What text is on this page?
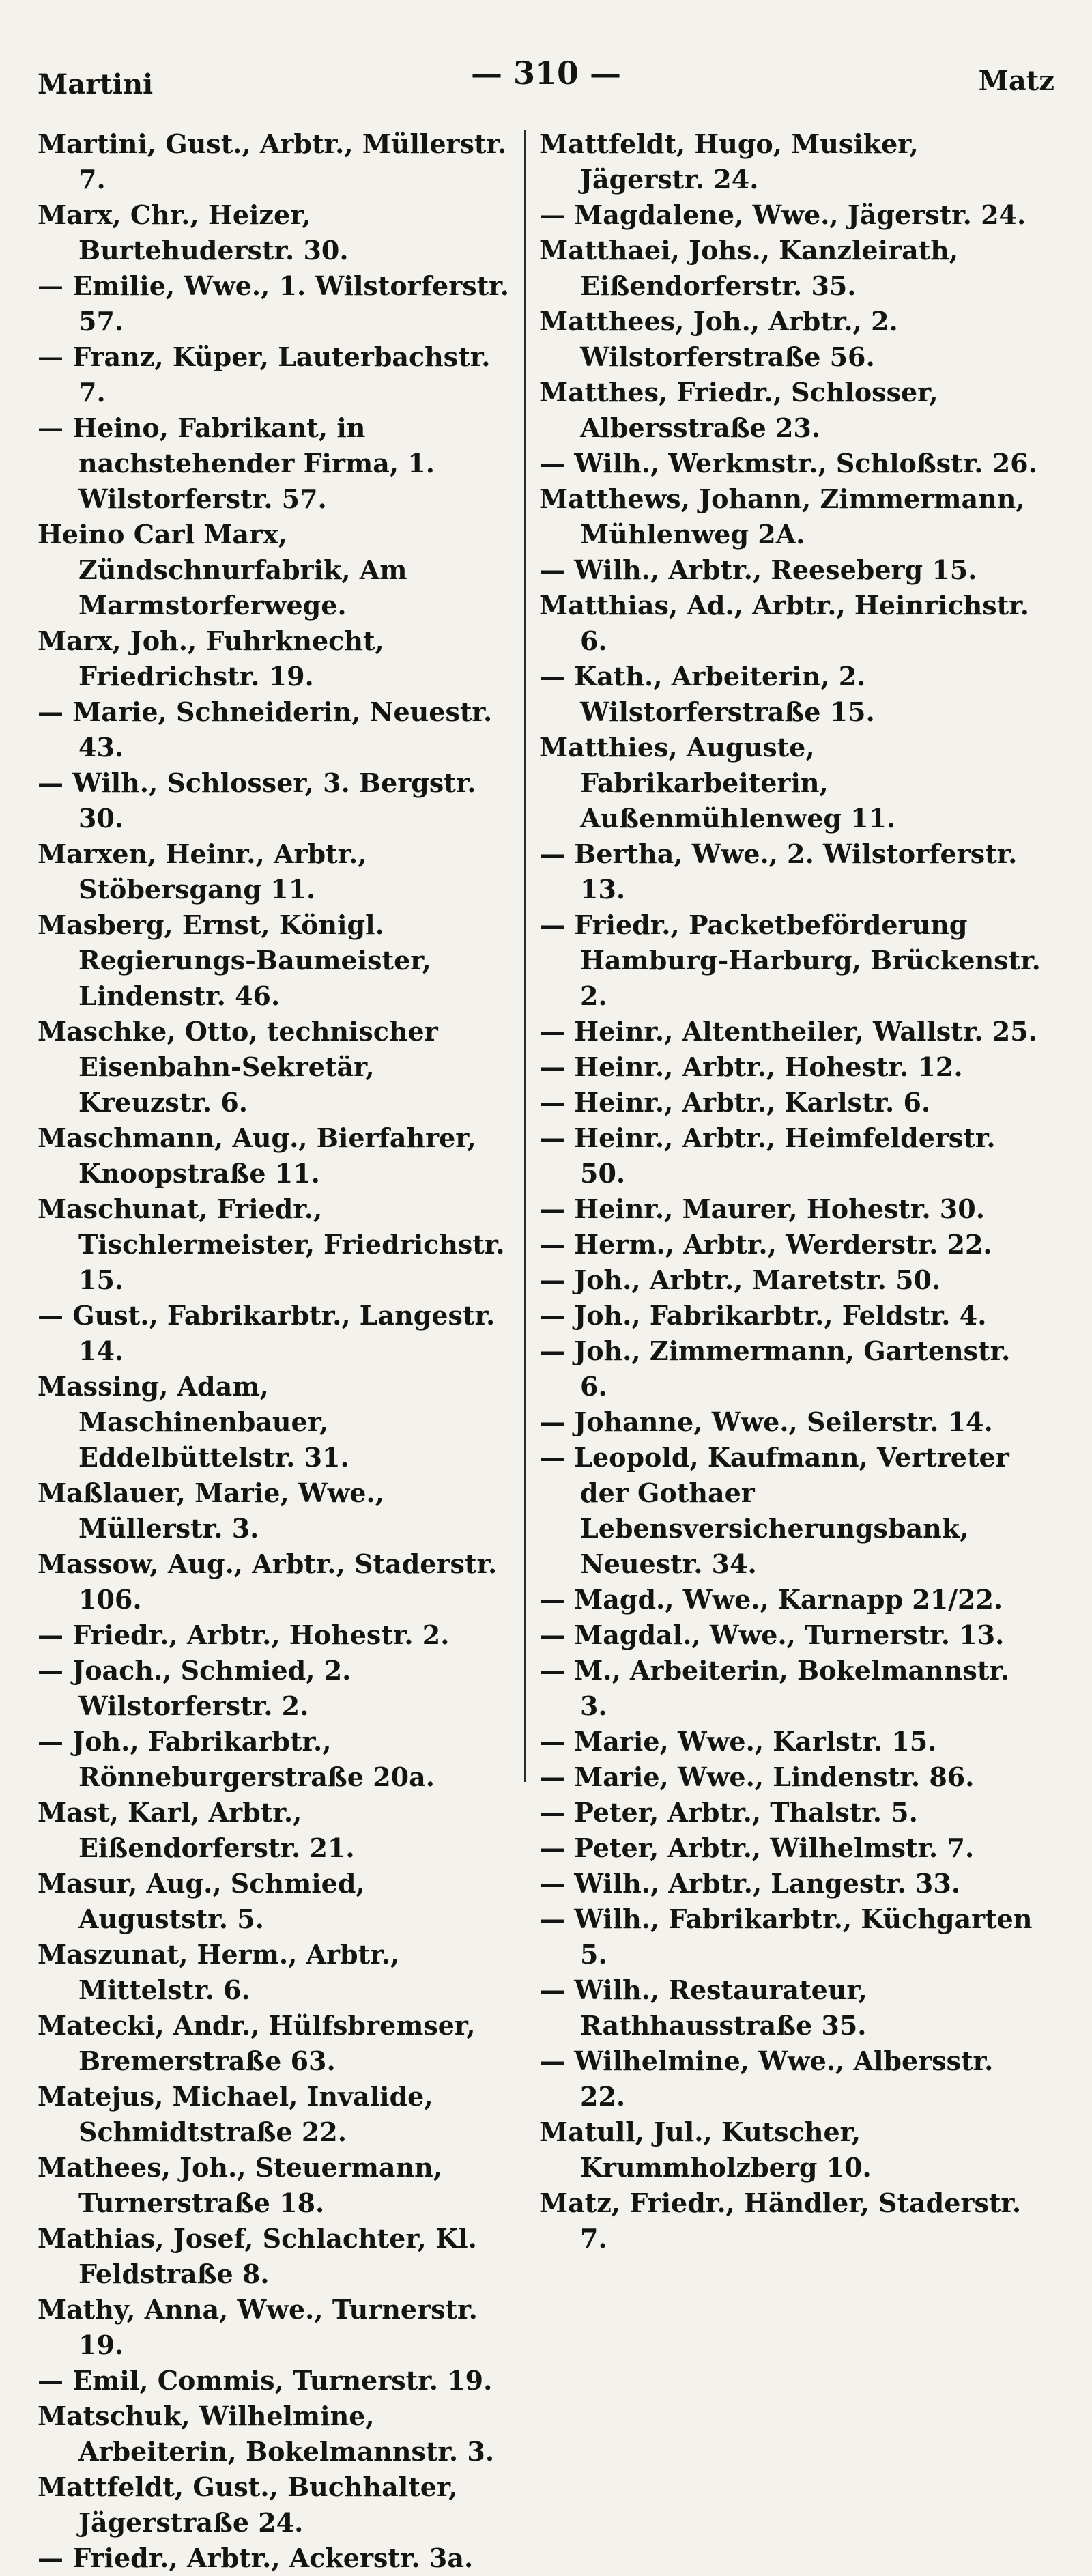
Martini	— 310 —	Matz
Martini, Gust., Arbtr., Müllerstr. 7.
Marx, Chr., Heizer, Burtehuderstr. 30.
— Emilie, Wwe., 1. Wilstorferstr. 57.
— Franz, Küper, Lauterbachstr. 7.
— Heino, Fabrikant, in nachstehender Firma, 1. Wilstorferstr. 57.
Heino Carl Marx, Zündschnurfabrik, Am Marmstorferwege.
Marx, Joh., Fuhrknecht, Friedrichstr. 19.
— Marie, Schneiderin, Neuestr. 43.
— Wilh., Schlosser, 3. Bergstr. 30.
Marxen, Heinr., Arbtr., Stöbersgang 11.
Masberg, Ernst, Königl. Regierungs-Baumeister, Lindenstr. 46.
Maschke, Otto, technischer Eisenbahn-Sekretär, Kreuzstr. 6.
Maschmann, Aug., Bierfahrer, Knoopstraße 11.
Maschunat, Friedr., Tischlermeister, Friedrichstr. 15.
— Gust., Fabrikarbtr., Langestr. 14.
Massing, Adam, Maschinenbauer, Eddelbüttelstr. 31.
Maßlauer, Marie, Wwe., Müllerstr. 3.
Massow, Aug., Arbtr., Staderstr. 106.
— Friedr., Arbtr., Hohestr. 2.
— Joach., Schmied, 2. Wilstorferstr. 2.
— Joh., Fabrikarbtr., Rönneburgerstraße 20a.
Mast, Karl, Arbtr., Eißendorferstr. 21.
Masur, Aug., Schmied, Auguststr. 5.
Maszunat, Herm., Arbtr., Mittelstr. 6.
Matecki, Andr., Hülfsbremser, Bremerstraße 63.
Matejus, Michael, Invalide, Schmidtstraße 22.
Mathees, Joh., Steuermann, Turnerstraße 18.
Mathias, Josef, Schlachter, Kl. Feldstraße 8.
Mathy, Anna, Wwe., Turnerstr. 19.
— Emil, Commis, Turnerstr. 19.
Matschuk, Wilhelmine, Arbeiterin, Bokelmannstr. 3.
Mattfeldt, Gust., Buchhalter, Jägerstraße 24.
— Friedr., Arbtr., Ackerstr. 3a.
Mattfeldt, Hugo, Musiker, Jägerstr. 24.
— Magdalene, Wwe., Jägerstr. 24.
Matthaei, Johs., Kanzleirath, Eißendorferstr. 35.
Matthees, Joh., Arbtr., 2. Wilstorferstraße 56.
Matthes, Friedr., Schlosser, Albersstraße 23.
— Wilh., Werkmstr., Schloßstr. 26.
Matthews, Johann, Zimmermann, Mühlenweg 2A.
— Wilh., Arbtr., Reeseberg 15.
Matthias, Ad., Arbtr., Heinrichstr. 6.
— Kath., Arbeiterin, 2. Wilstorferstraße 15.
Matthies, Auguste, Fabrikarbeiterin, Außenmühlenweg 11.
— Bertha, Wwe., 2. Wilstorferstr. 13.
— Friedr., Packetbeförderung Hamburg-Harburg, Brückenstr. 2.
— Heinr., Altentheiler, Wallstr. 25.
— Heinr., Arbtr., Hohestr. 12.
— Heinr., Arbtr., Karlstr. 6.
— Heinr., Arbtr., Heimfelderstr. 50.
— Heinr., Maurer, Hohestr. 30.
— Herm., Arbtr., Werderstr. 22.
— Joh., Arbtr., Maretstr. 50.
— Joh., Fabrikarbtr., Feldstr. 4.
— Joh., Zimmermann, Gartenstr. 6.
— Johanne, Wwe., Seilerstr. 14.
— Leopold, Kaufmann, Vertreter der Gothaer Lebensversicherungsbank, Neuestr. 34.
— Magd., Wwe., Karnapp 21/22.
— Magdal., Wwe., Turnerstr. 13.
— M., Arbeiterin, Bokelmannstr. 3.
— Marie, Wwe., Karlstr. 15.
— Marie, Wwe., Lindenstr. 86.
— Peter, Arbtr., Thalstr. 5.
— Peter, Arbtr., Wilhelmstr. 7.
— Wilh., Arbtr., Langestr. 33.
— Wilh., Fabrikarbtr., Küchgarten 5.
— Wilh., Restaurateur, Rathhausstraße 35.
— Wilhelmine, Wwe., Albersstr. 22.
Matull, Jul., Kutscher, Krummholzberg 10.
Matz, Friedr., Händler, Staderstr. 7.
